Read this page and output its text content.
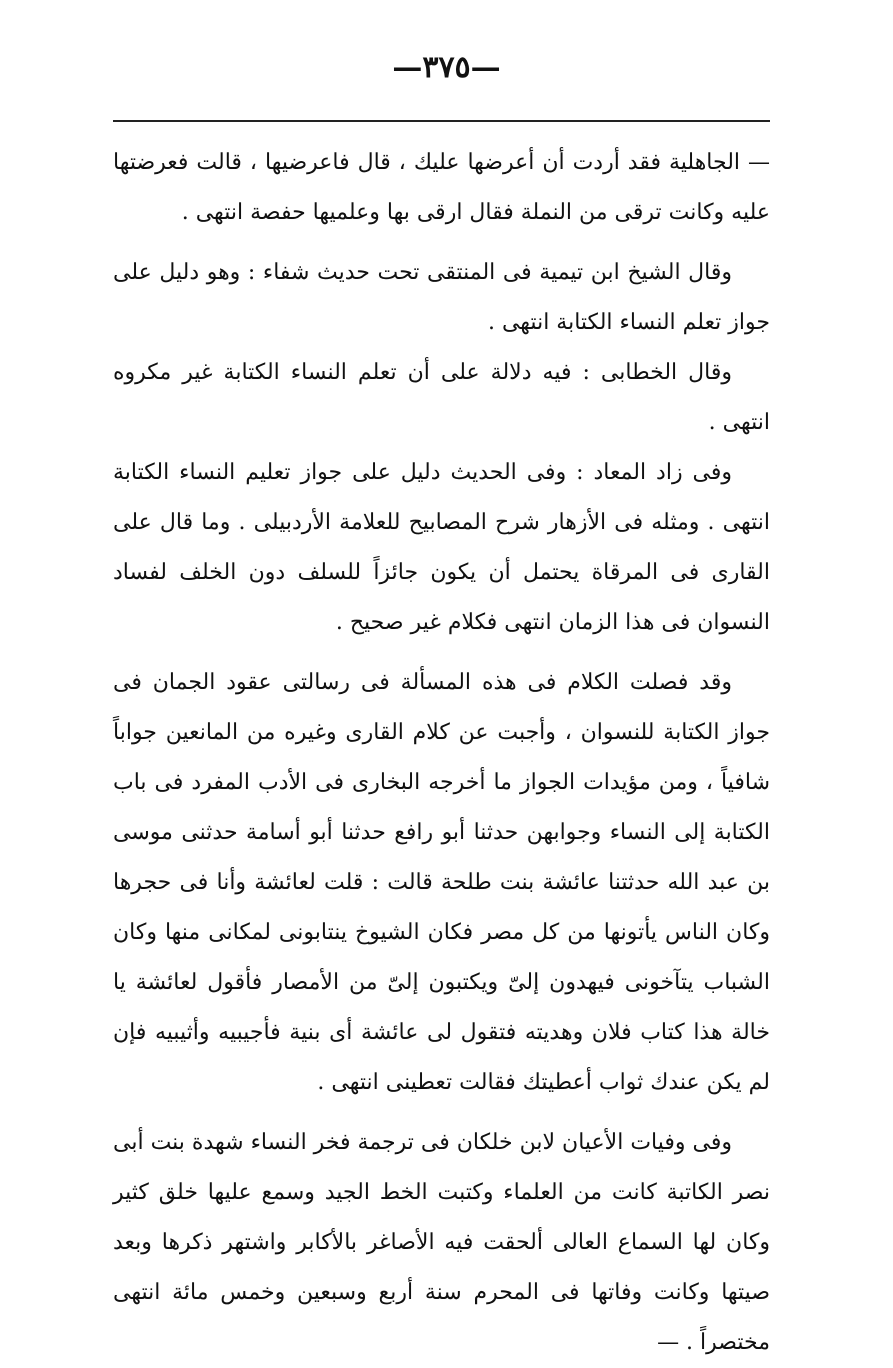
—٣٧٥—

— الجاهلية فقد أردت أن أعرضها عليك ، قال فاعرضيها ، قالت فعرضتها عليه وكانت ترقى من النملة فقال ارقى بها وعلميها حفصة انتهى .

وقال الشيخ ابن تيمية فى المنتقى تحت حديث شفاء : وهو دليل على جواز تعلم النساء الكتابة انتهى .

وقال الخطابى : فيه دلالة على أن تعلم النساء الكتابة غير مكروه انتهى .

وفى زاد المعاد : وفى الحديث دليل على جواز تعليم النساء الكتابة انتهى . ومثله فى الأزهار شرح المصابيح للعلامة الأردبيلى . وما قال على القارى فى المرقاة يحتمل أن يكون جائزاً للسلف دون الخلف لفساد النسوان فى هذا الزمان انتهى فكلام غير صحيح .

وقد فصلت الكلام فى هذه المسألة فى رسالتى عقود الجمان فى جواز الكتابة للنسوان ، وأجبت عن كلام القارى وغيره من المانعين جواباً شافياً ، ومن مؤيدات الجواز ما أخرجه البخارى فى الأدب المفرد فى باب الكتابة إلى النساء وجوابهن حدثنا أبو رافع حدثنا أبو أسامة حدثنى موسى بن عبد الله حدثتنا عائشة بنت طلحة قالت : قلت لعائشة وأنا فى حجرها وكان الناس يأتونها من كل مصر فكان الشيوخ ينتابونى لمكانى منها وكان الشباب يتآخونى فيهدون إلىّ ويكتبون إلىّ من الأمصار فأقول لعائشة يا خالة هذا كتاب فلان وهديته فتقول لى عائشة أى بنية فأجيبيه وأثيبيه فإن لم يكن عندك ثواب أعطيتك فقالت تعطينى انتهى .

وفى وفيات الأعيان لابن خلكان فى ترجمة فخر النساء شهدة بنت أبى نصر الكاتبة كانت من العلماء وكتبت الخط الجيد وسمع عليها خلق كثير وكان لها السماع العالى ألحقت فيه الأصاغر بالأكابر واشتهر ذكرها وبعد صيتها وكانت وفاتها فى المحرم سنة أربع وسبعين وخمس مائة انتهى مختصراً . —
